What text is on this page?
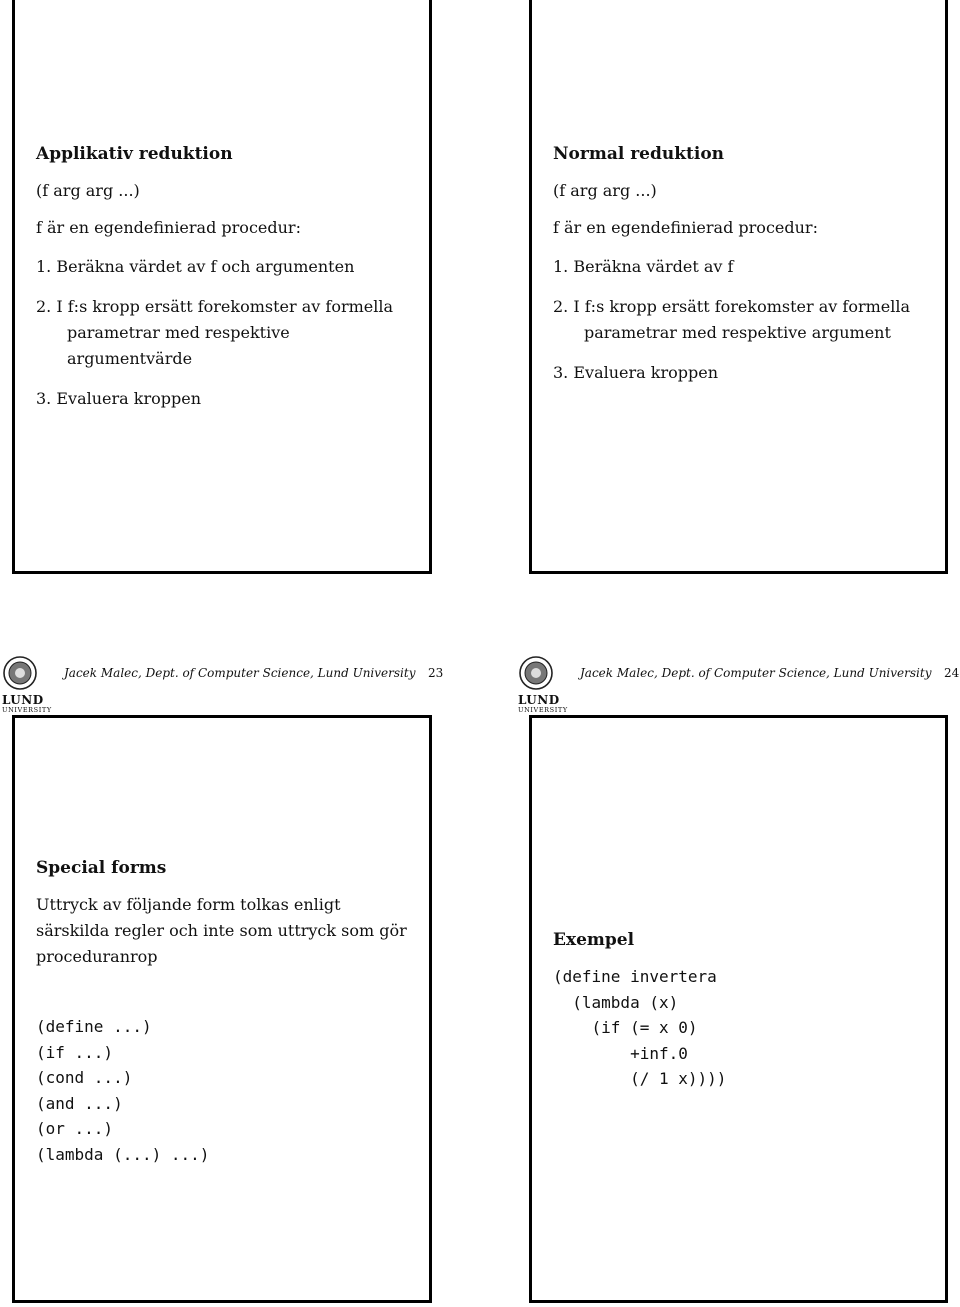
Applikativ reduktion
(f arg arg ...)
f är en egendefinierad procedur:
1. Beräkna värdet av f och argumenten
2. I f:s kropp ersätt forekomster av formella parametrar med respektive argumentvärde
3. Evaluera kroppen
Normal reduktion
(f arg arg ...)
f är en egendefinierad procedur:
1. Beräkna värdet av f
2. I f:s kropp ersätt forekomster av formella parametrar med respektive argument
3. Evaluera kroppen
LUND
UNIVERSITY
Jacek Malec, Dept. of Computer Science, Lund University 23
LUND
UNIVERSITY
Jacek Malec, Dept. of Computer Science, Lund University 24
Special forms
Uttryck av följande form tolkas enligt särskilda regler och inte som uttryck som gör proceduranrop
(define ...)
(if ...)
(cond ...)
(and ...)
(or ...)
(lambda (...) ...)
Exempel
(define invertera
(lambda (x)
(if (= x 0)
+inf.0
(/ 1 x))))
